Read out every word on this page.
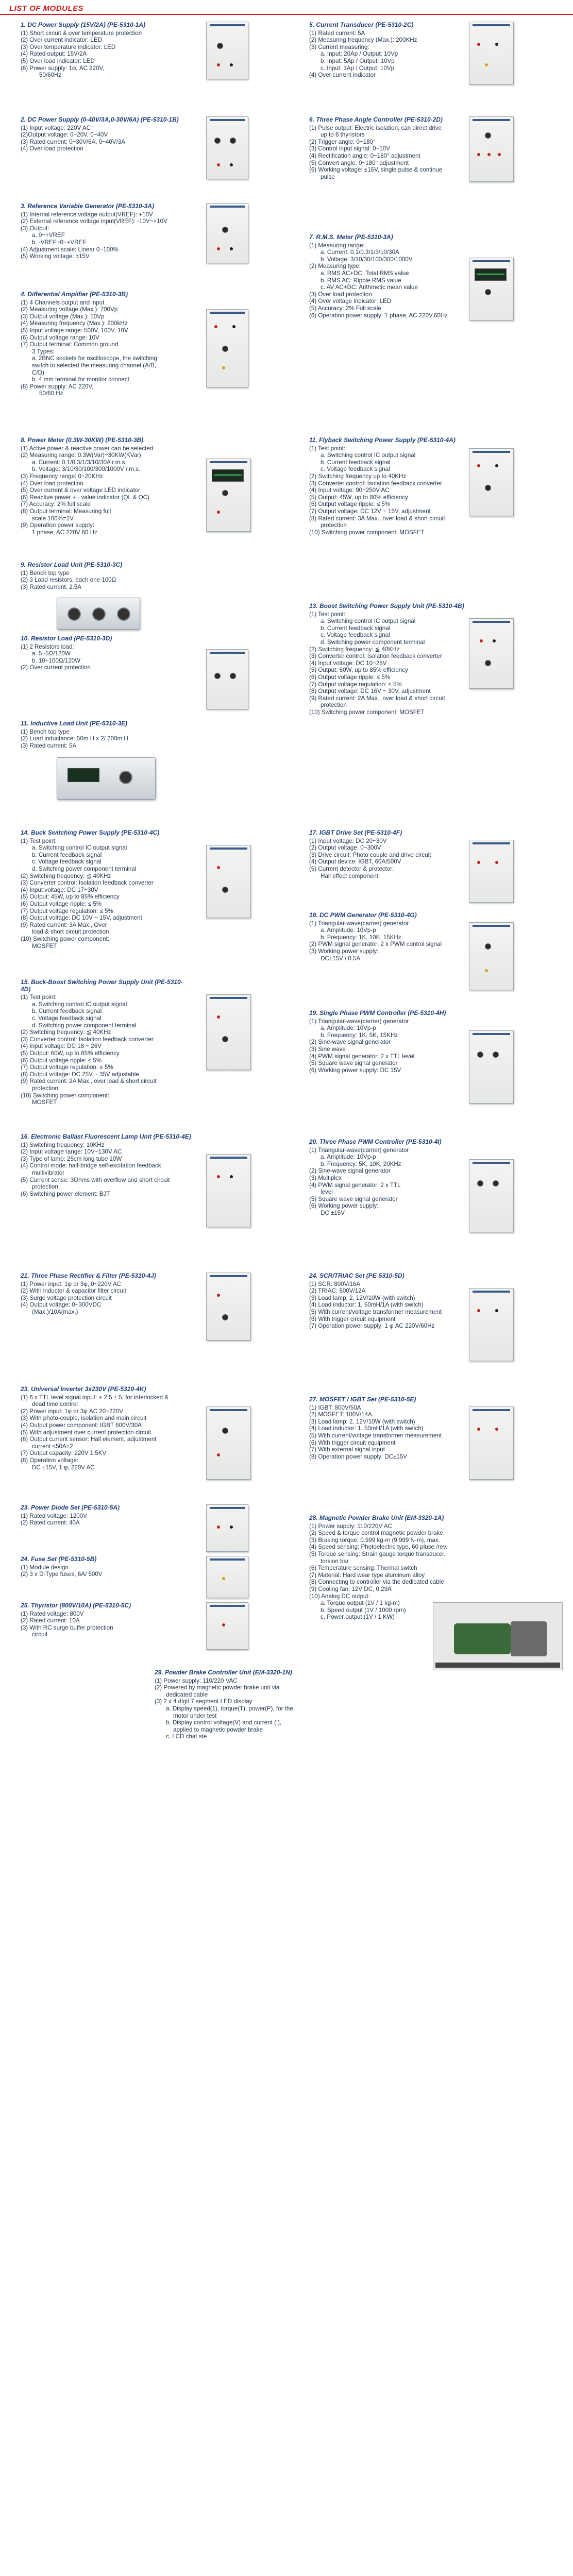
LIST OF MODULES
1. DC Power Supply (15V/2A) (PE-5310-1A)
(1) Short circuit & over temperature protection
(2) Over current indicator: LED
(3) Over temperature indicator: LED
(4) Rated output: 15V/2A
(5) Over load indicator: LED
(6) Power supply: 1φ, AC 220V,
50/60Hz
5. Current Transducer (PE-5310-2C)
(1) Rated current: 5A
(2) Measuring frequency (Max.): 200KHz
(3) Current measuring:
a. Input: 20Ap / Output: 10Vp
b. Input: 5Ap / Output: 10Vp
c. Input: 1Ap / Output: 10Vp
(4) Over current indicator
2. DC Power Supply (0-40V/3A,0-30V/6A) (PE-5310-1B)
(1) Input voltage: 220V AC
(2)Output voltage: 0~20V, 0~40V
(3) Rated current: 0~30V/6A, 0~40V/3A
(4) Over load protection
6. Three Phase Angle Controller (PE-5310-2D)
(1) Pulse output: Electric isolation, can direct drive
up to 6 thyristors
(2) Trigger angle: 0~180°
(3) Control input signal: 0~10V
(4) Rectification angle: 0~180° adjustment
(5) Convert angle: 0~180° adjustment
(6) Working voltage: ±15V, single pulse & continue
pulse
3. Reference Variable Generator (PE-5310-3A)
(1) Internal reference voltage output(VREF): +10V
(2) External reference voltage input(VREF): -10V~+10V
(3) Output:
a. 0~+VREF
b. -VREF~0~+VREF
(4) Adjustment scale: Linear 0~100%
(5) Working voltage: ±15V
7. R.M.S. Meter (PE-5310-3A)
(1) Measuring range:
a. Current: 0.1/0.3/1/3/10/30A
b. Voltage: 3/10/30/100/300/1000V
(2) Measuring type:
a. RMS AC+DC: Total RMS value
b. RMS AC: Ripple RMS value
c. AV AC+DC: Arithmetic mean value
(3) Over load protection
(4) Over voltage indicator: LED
(5) Accuracy: 2% Full scale
(6) Operation power supply: 1 phase, AC 220V,60Hz
4. Differential Amplifier (PE-5310-3B)
(1) 4 Channels output and input
(2) Measuring voltage (Max.): 700Vp
(3) Output voltage (Max.): 10Vp
(4) Measuring frequency (Max.): 200kHz
(5) Input voltage range: 500V, 100V, 10V
(6) Output voltage range: 10V
(7) Output terminal: Common ground
3 Types:
a. 2BNC sockets for oscilloscope, the switching
switch to selected the measuring channel (A/B,
C/D)
b. 4 mm terminal for monitor connect
(8) Power supply: AC 220V,
50/60 Hz
8. Power Meter (0.3W-30KW) (PE-5310-3B)
(1) Active power & reactive power can be selected
(2) Measuring range: 0.3W(Var)~30KW(KVar)
a. Current: 0.1/0.3/1/3/10/30A r.m.s.
b. Voltage: 3/10/30/100/300/1000V r.m.s.
(3) Frequency range: 0~20KHz
(4) Over load protection
(5) Over current & over voltage LED indicator
(6) Reactive power + - value indicator (QL & QC)
(7) Accuracy: 2% full scale
(8) Output terminal: Measuring full
scale 100%=1V
(9) Operation power supply:
1 phase, AC 220V 60 Hz
11. Flyback Switching Power Supply (PE-5310-4A)
(1) Test point:
a. Switching control IC output signal
b. Current feedback signal
c. Voltage feedback signal
(2) Switching frequency up to 40KHz
(3) Converter control: Isolation feedback converter
(4) Input voltage: 90~250V AC
(5) Output: 45W, up to 80% efficiency
(6) Output voltage ripple: ≤ 5%
(7) Output voltage: DC 12V ~ 15V, adjustment
(8) Rated current: 3A Max., over load & short circuit
protection
(10) Switching power component: MOSFET
9. Resistor Load Unit (PE-5310-3C)
(1) Bench top type
(2) 3 Load resistors, each one 100Ω
(3) Rated current: 2.5A
13. Boost Switching Power Supply Unit (PE-5310-4B)
(1) Test point:
a. Switching control IC output signal
b. Current feedback signal
c. Voltage feedback signal
d. Switching power component terminal
(2) Switching frequency: ≦ 40KHz
(3) Converter control: Isolation feedback converter
(4) Input voltage: DC 10~28V
(5) Output: 60W, up to 85% efficiency
(6) Output voltage ripple: ≤ 5%
(7) Output voltage regulation: ≤ 5%
(8) Output voltage: DC 16V ~ 30V, adjustment
(9) Rated current: 2A Max., over load & short circuit
protection
(10) Switching power component: MOSFET
10. Resistor Load (PE-5310-3D)
(1) 2 Resistors load:
a. 5~5Ω/120W
b. 10~100Ω/120W
(2) Over current protection
11. Inductive Load Unit (PE-5310-3E)
(1) Bench top type
(2) Load inductance: 50m H x 2/ 200m H
(3) Rated current: 5A
14. Buck Switching Power Supply (PE-5310-4C)
(1) Test point:
a. Switching control IC output signal
b. Current feedback signal
c. Voltage feedback signal
d. Switching power component terminal
(2) Switching frequency: ≦ 40KHz
(3) Converter control: Isolation feedback converter
(4) Input voltage: DC 17~30V
(5) Output: 45W, up to 85% efficiency
(6) Output voltage ripple: ≤ 5%
(7) Output voltage regulation: ≤ 5%
(8) Output voltage: DC 10V ~ 15V, adjustment
(9) Rated current: 3A Max., Over
load & short circuit protection
(10) Switching power component:
MOSFET
17. IGBT Drive Set (PE-5310-4F)
(1) Input voltage: DC 20~30V
(2) Output voltage: 0~300V
(3) Drive circuit: Photo couple and drive circuit
(4) Output device: IGBT, 60A/500V
(5) Current detector & protector:
Hall effect component
18. DC PWM Generator (PE-5310-4G)
(1) Triangular-wave(carrier) generator
a. Amplitude: 10Vp-p
b. Frequency: 1K, 10K, 15KHz
(2) PWM signal generator: 2 x PWM control signal
(3) Working power supply:
DC±15V / 0.5A
15. Buck-Boost Switching Power Supply Unit (PE-5310-4D)
(1) Test point:
a. Switching control IC output signal
b. Current feedback signal
c. Voltage feedback signal
d. Switching power component terminal
(2) Switching frequency: ≦ 40KHz
(3) Converter control: Isolation feedback converter
(4) Input voltage: DC 18 ~ 26V
(5) Output: 60W, up to 85% efficiency
(6) Output voltage ripple: ≤ 5%
(7) Output voltage regulation: ≤ 5%
(8) Output voltage: DC 25V ~ 35V adjustable
(9) Rated current: 2A Max., over load & short circuit
protection
(10) Switching power component:
MOSFET
19. Single Phase PWM Controller (PE-5310-4H)
(1) Triangular-wave(carrier) generator
a. Amplitude: 10Vp-p
b. Frequency: 1K, 5K, 15KHz
(2) Sine-wave signal generator
(3) Sine wave
(4) PWM signal generator: 2 x TTL level
(5) Square wave signal generator
(6) Working power supply: DC 15V
16. Electronic Ballast Fluorescent Lamp Unit (PE-5310-4E)
(1) Switching frequency: 10KHz
(2) Input voltage range: 10V~130V AC
(3) Type of lamp: 25cm long tube 10W
(4) Control mode: half-bridge self-excitation feedback
multivibrator
(5) Current sense: 3Ohms with overflow and short circuit
protection
(6) Switching power element: BJT
20. Three Phase PWM Controller (PE-5310-4I)
(1) Triangular-wave(carrier) generator
a. Amplitude: 10Vp-p
b. Frequency: 5K, 10K, 20KHz
(2) Sine-wave signal generator
(3) Multiplex
(4) PWM signal generator: 2 x TTL
level
(5) Square wave signal generator
(6) Working power supply:
DC ±15V
21. Three Phase Rectifier & Filter (PE-5310-4J)
(1) Power input: 1φ or 3φ, 0~220V AC
(2) With inductor & capacitor filter circuit
(3) Surge voltage protection circuit
(4) Output voltage: 0~300VDC
(Max.)/10A(max.)
24. SCR/TRIAC Set (PE-5310-5D)
(1) SCR: 800V/16A
(2) TRIAC: 600V/12A
(3) Load lamp: 2, 12V/10W (with switch)
(4) Load inductor: 1, 50mH/1A (with switch)
(5) With current/voltage transformer measurement
(6) With trigger circuit equipment
(7) Operation power supply: 1 φ AC 220V/60Hz
23. Universal Inverter 3x230V (PE-5310-4K)
(1) 6 x TTL level signal input: + 2.5 ± 5, for interlocked &
dead time control
(2) Power input: 1φ or 3φ AC 20~220V
(3) With photo-couple, isolation and main circuit
(4) Output power component: IGBT 600V/30A
(5) With adjustment over current protection circuit.
(6) Output current sensor: Hall element, adjustment
current <50A±2
(7) Output capacity: 220V 1.5KV
(8) Operation voltage:
DC ±15V, 1 φ, 220V AC
27. MOSFET / IGBT Set (PE-5310-5E)
(1) IGBT: 800V/50A
(2) MOSFET: 100V/14A
(3) Load lamp: 2, 12V/10W (with switch)
(4) Load inductor: 1, 50mH/1A (with switch)
(5) With current/voltage transformer measurement
(6) With trigger circuit equipment
(7) With external signal input
(8) Operation power supply: DC±15V
23. Power Diode Set (PE-5310-5A)
(1) Rated voltage: 1200V
(2) Rated current: 40A
28. Magnetic Powder Brake Unit (EM-3320-1A)
(1) Power supply: 110/220V AC
(2) Speed & torque control magnetic powder brake
(3) Braking torque: 0.999 kg-m (9.999 N-m), max.
(4) Speed sensing: Photoelectric type, 60 pluse /rev.
(5) Torque sensing: Strain gauge torque transducer,
torsion bar
(6) Temperature sensing: Thermal switch
(7) Material: Hard wear type aluminum alloy
(8) Connecting to controller via the dedicated cable
(9) Cooling fan: 12V DC, 0.29A
(10) Analog DC output:
a. Torque output (1V / 1 kg-m)
b. Speed output (1V / 1000 rpm)
c. Power output (1V / 1 KW)
24. Fuse Set (PE-5310-5B)
(1) Module design
(2) 3 x D-Type fuses, 6A/ 500V
25. Thyristor (800V/10A) (PE-5310-5C)
(1) Rated voltage: 800V
(2) Rated current: 10A
(3) With RC surge buffer protection
circuit
29. Powder Brake Controller Unit (EM-3320-1N)
(1) Power supply: 110/220 VAC
(2) Powered by magnetic powder brake unit via
dedicated cable
(3) 2 x 4 digit 7 segment LED display
a. Display speed(1), torque(T), power(P), for the
motor under test
b. Display control voltage(V) and current (I),
applied to magnetic powder brake
c. LCD chat ste
